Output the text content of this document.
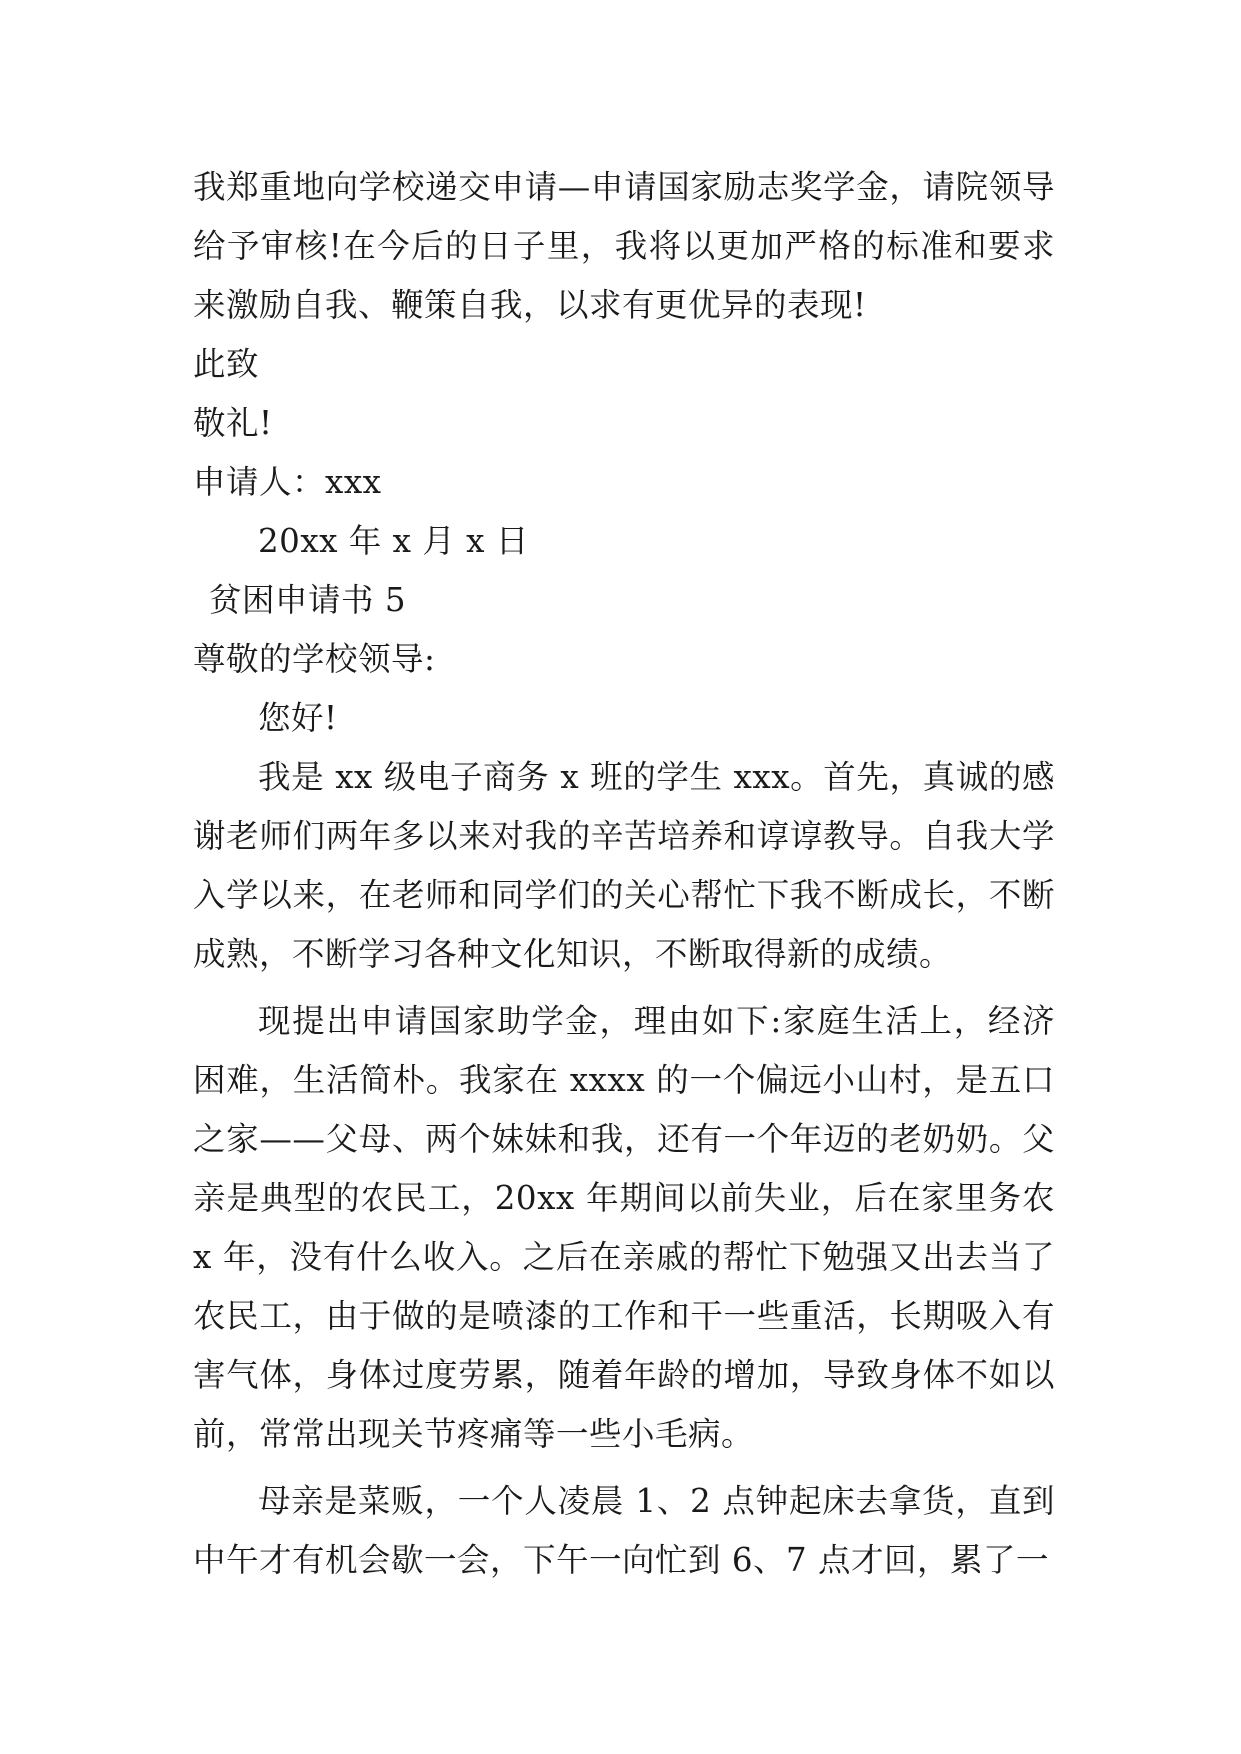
我郑重地向学校递交申请—申请国家励志奖学金，请院领导给予审核!在今后的日子里，我将以更加严格的标准和要求来激励自我、鞭策自我，以求有更优异的表现!

此致

敬礼!

申请人：xxx

20xx 年 x 月 x 日

贫困申请书 5

尊敬的学校领导:

您好!

我是 xx 级电子商务 x 班的学生 xxx。首先，真诚的感谢老师们两年多以来对我的辛苦培养和谆谆教导。自我大学入学以来，在老师和同学们的关心帮忙下我不断成长，不断成熟，不断学习各种文化知识，不断取得新的成绩。

现提出申请国家助学金，理由如下:家庭生活上，经济困难，生活简朴。我家在 xxxx 的一个偏远小山村，是五口之家——父母、两个妹妹和我，还有一个年迈的老奶奶。父亲是典型的农民工，20xx 年期间以前失业，后在家里务农 x 年，没有什么收入。之后在亲戚的帮忙下勉强又出去当了农民工，由于做的是喷漆的工作和干一些重活，长期吸入有害气体，身体过度劳累，随着年龄的增加，导致身体不如以前，常常出现关节疼痛等一些小毛病。

母亲是菜贩，一个人凌晨 1、2 点钟起床去拿货，直到中午才有机会歇一会，下午一向忙到 6、7 点才回，累了一
